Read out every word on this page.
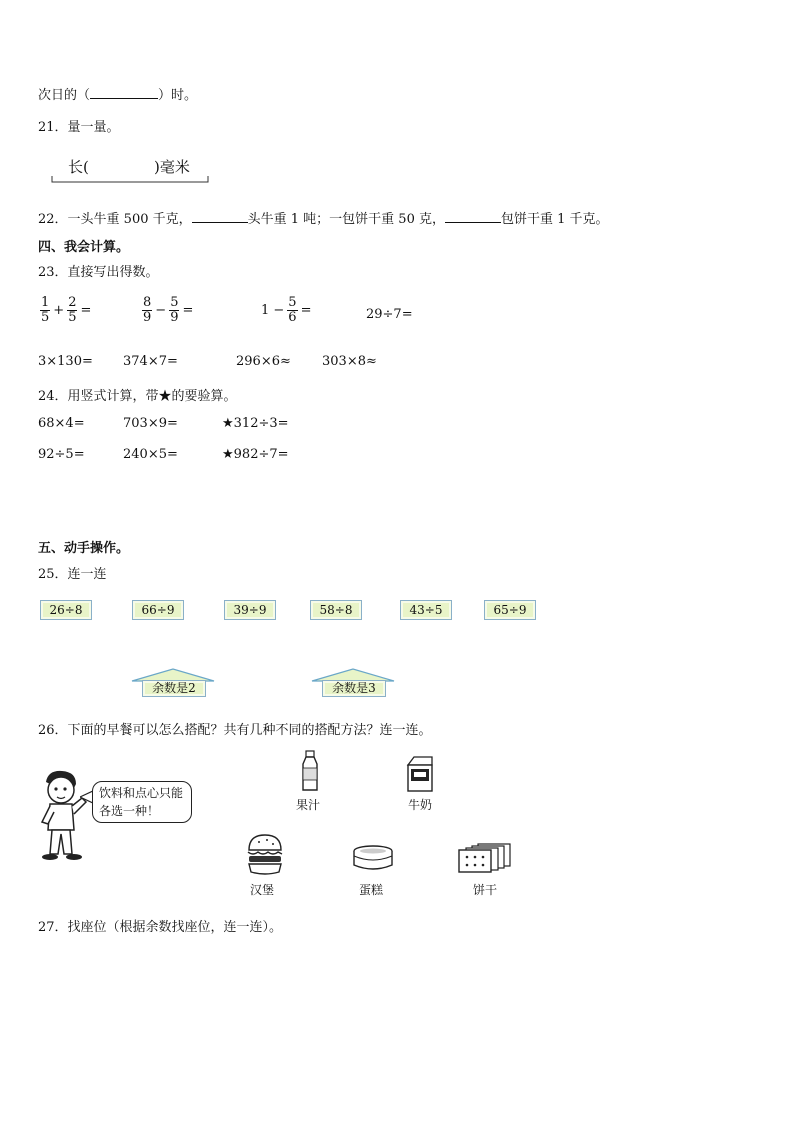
次日的（	）时。
21．量一量。
长(	)毫米
22．一头牛重 500 千克，	头牛重 1 吨；一包饼干重 50 克，	包饼干重 1 千克。
四、我会计算。
23．直接写出得数。
$\frac{1}{5} + \frac{2}{5}$ =	$\frac{8}{9} - \frac{5}{9}$ =	$1 - \frac{5}{6}$ =	29÷7=
3×130= 374×7=	296×6≈ 303×8≈
24．用竖式计算，带★的要验算。
68×4=	703×9=	★312÷3=
92÷5=	240×5=	★982÷7=
五、动手操作。
25．连一连
26÷8	66÷9	39÷9	58÷8	43÷5	65÷9
余数是2	余数是3
26．下面的早餐可以怎么搭配？共有几种不同的搭配方法？连一连。
饮料和点心只能各选一种！	果汁	牛奶
汉堡	蛋糕	饼干
27．找座位（根据余数找座位，连一连）。
